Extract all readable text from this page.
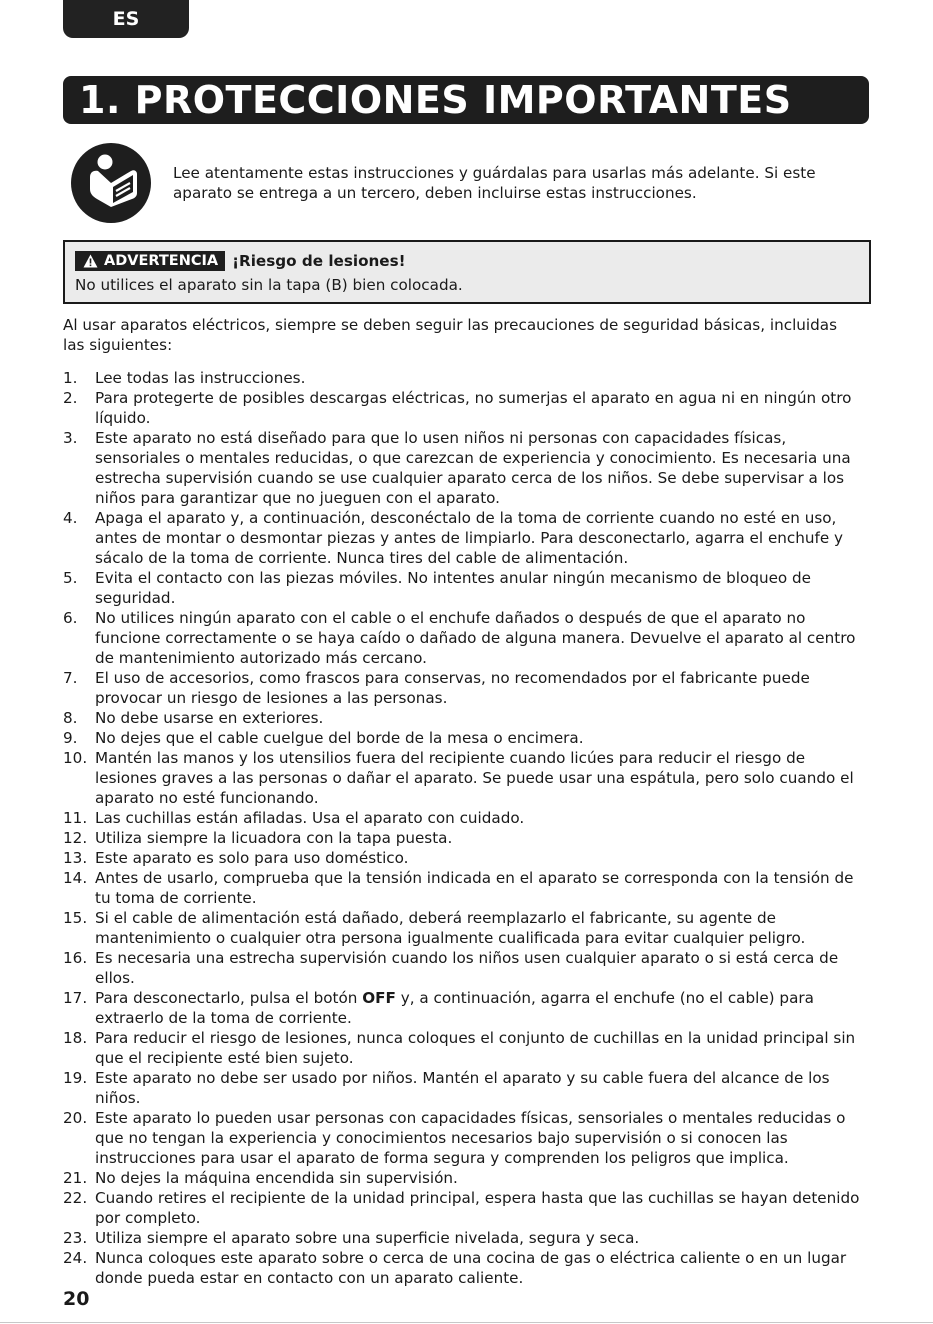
ES
1. PROTECCIONES IMPORTANTES
Lee atentamente estas instrucciones y guárdalas para usarlas más adelante. Si este aparato se entrega a un tercero, deben incluirse estas instrucciones.
ADVERTENCIA ¡Riesgo de lesiones!
No utilices el aparato sin la tapa (B) bien colocada.
Al usar aparatos eléctricos, siempre se deben seguir las precauciones de seguridad básicas, incluidas las siguientes:
1.	Lee todas las instrucciones.
2.	Para protegerte de posibles descargas eléctricas, no sumerjas el aparato en agua ni en ningún otro líquido.
3.	Este aparato no está diseñado para que lo usen niños ni personas con capacidades físicas, sensoriales o mentales reducidas, o que carezcan de experiencia y conocimiento. Es necesaria una estrecha supervisión cuando se use cualquier aparato cerca de los niños. Se debe supervisar a los niños para garantizar que no jueguen con el aparato.
4.	Apaga el aparato y, a continuación, desconéctalo de la toma de corriente cuando no esté en uso, antes de montar o desmontar piezas y antes de limpiarlo. Para desconectarlo, agarra el enchufe y sácalo de la toma de corriente. Nunca tires del cable de alimentación.
5.	Evita el contacto con las piezas móviles. No intentes anular ningún mecanismo de bloqueo de seguridad.
6.	No utilices ningún aparato con el cable o el enchufe dañados o después de que el aparato no funcione correctamente o se haya caído o dañado de alguna manera. Devuelve el aparato al centro de mantenimiento autorizado más cercano.
7.	El uso de accesorios, como frascos para conservas, no recomendados por el fabricante puede provocar un riesgo de lesiones a las personas.
8.	No debe usarse en exteriores.
9.	No dejes que el cable cuelgue del borde de la mesa o encimera.
10. Mantén las manos y los utensilios fuera del recipiente cuando licúes para reducir el riesgo de lesiones graves a las personas o dañar el aparato. Se puede usar una espátula, pero solo cuando el aparato no esté funcionando.
11. Las cuchillas están afiladas. Usa el aparato con cuidado.
12. Utiliza siempre la licuadora con la tapa puesta.
13. Este aparato es solo para uso doméstico.
14. Antes de usarlo, comprueba que la tensión indicada en el aparato se corresponda con la tensión de tu toma de corriente.
15. Si el cable de alimentación está dañado, deberá reemplazarlo el fabricante, su agente de mantenimiento o cualquier otra persona igualmente cualificada para evitar cualquier peligro.
16. Es necesaria una estrecha supervisión cuando los niños usen cualquier aparato o si está cerca de ellos.
17. Para desconectarlo, pulsa el botón OFF y, a continuación, agarra el enchufe (no el cable) para extraerlo de la toma de corriente.
18. Para reducir el riesgo de lesiones, nunca coloques el conjunto de cuchillas en la unidad principal sin que el recipiente esté bien sujeto.
19. Este aparato no debe ser usado por niños. Mantén el aparato y su cable fuera del alcance de los niños.
20. Este aparato lo pueden usar personas con capacidades físicas, sensoriales o mentales reducidas o que no tengan la experiencia y conocimientos necesarios bajo supervisión o si conocen las instrucciones para usar el aparato de forma segura y comprenden los peligros que implica.
21. No dejes la máquina encendida sin supervisión.
22. Cuando retires el recipiente de la unidad principal, espera hasta que las cuchillas se hayan detenido por completo.
23. Utiliza siempre el aparato sobre una superficie nivelada, segura y seca.
24. Nunca coloques este aparato sobre o cerca de una cocina de gas o eléctrica caliente o en un lugar donde pueda estar en contacto con un aparato caliente.
20
